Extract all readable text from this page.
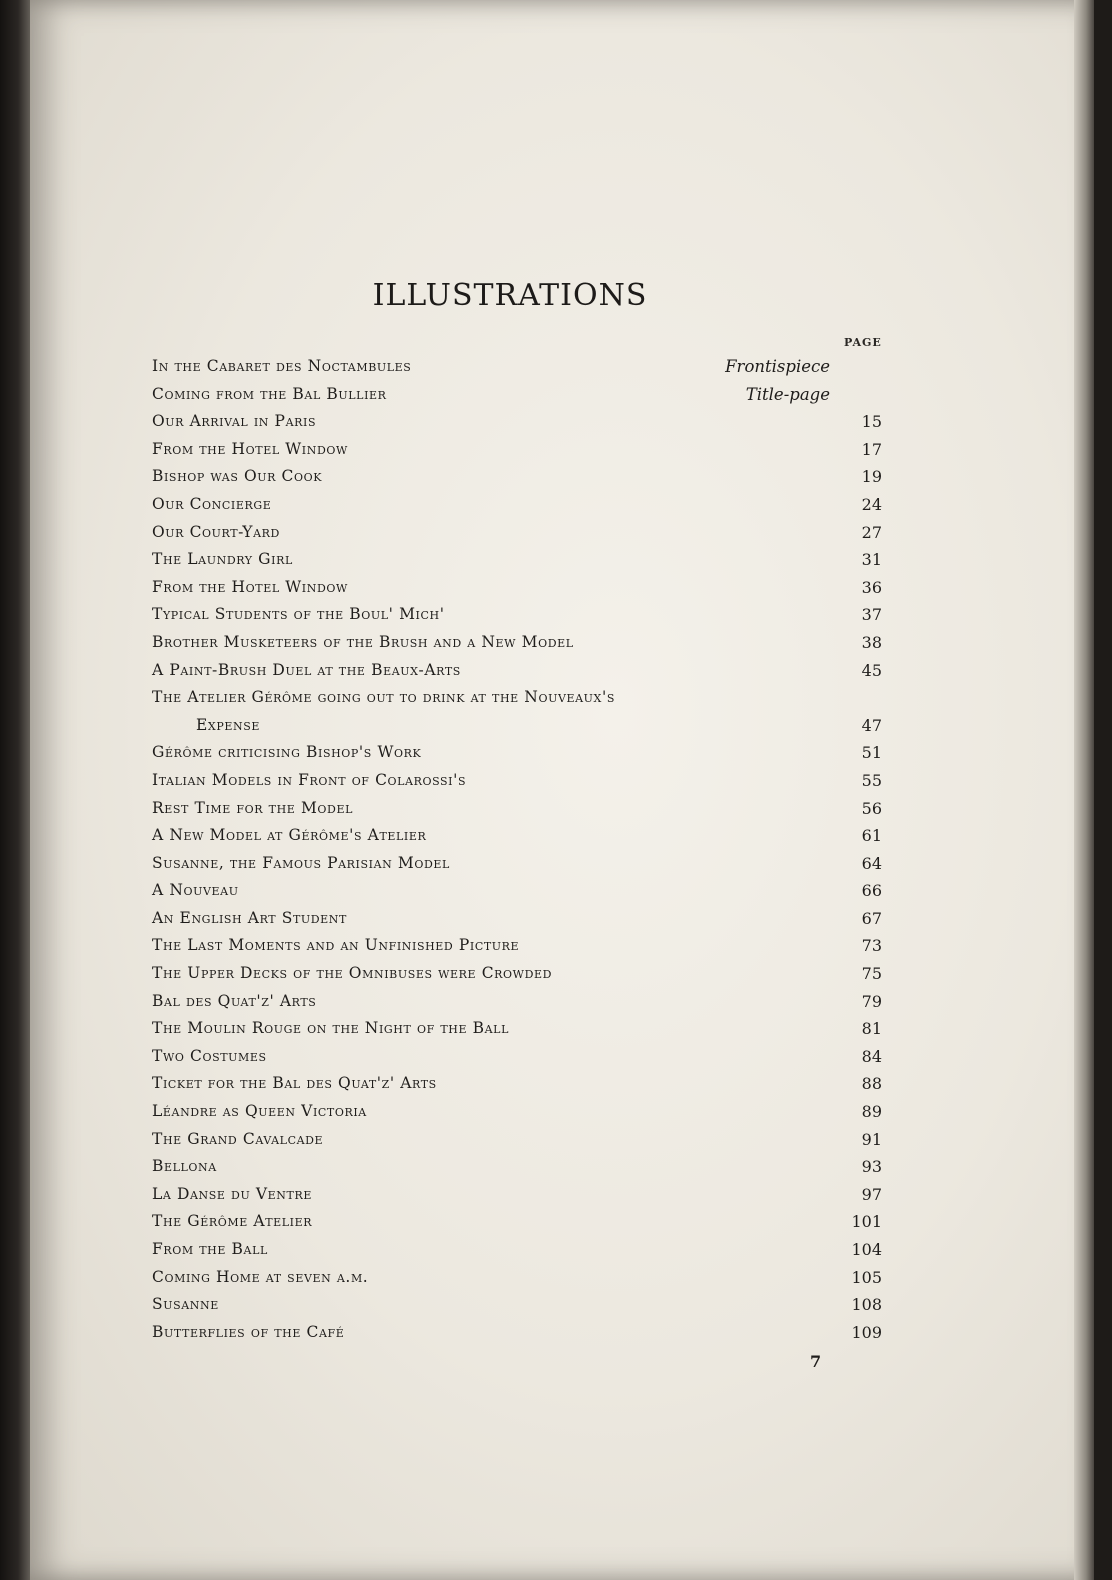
ILLUSTRATIONS
PAGE
In the Cabaret des Noctambules	Frontispiece
Coming from the Bal Bullier	Title-page
Our Arrival in Paris	15
From the Hotel Window	17
Bishop was Our Cook	19
Our Concierge	24
Our Court-Yard	27
The Laundry Girl	31
From the Hotel Window	36
Typical Students of the Boul' Mich'	37
Brother Musketeers of the Brush and a New Model	38
A Paint-Brush Duel at the Beaux-Arts	45
The Atelier Gérôme going out to drink at the Nouveaux's
Expense	47
Gérôme criticising Bishop's Work	51
Italian Models in Front of Colarossi's	55
Rest Time for the Model	56
A New Model at Gérôme's Atelier	61
Susanne, the Famous Parisian Model	64
A Nouveau	66
An English Art Student	67
The Last Moments and an Unfinished Picture	73
The Upper Decks of the Omnibuses were Crowded	75
Bal des Quat'z' Arts	79
The Moulin Rouge on the Night of the Ball	81
Two Costumes	84
Ticket for the Bal des Quat'z' Arts	88
Léandre as Queen Victoria	89
The Grand Cavalcade	91
Bellona	93
La Danse du Ventre	97
The Gérôme Atelier	101
From the Ball	104
Coming Home at seven a.m.	105
Susanne	108
Butterflies of the Café	109
7
